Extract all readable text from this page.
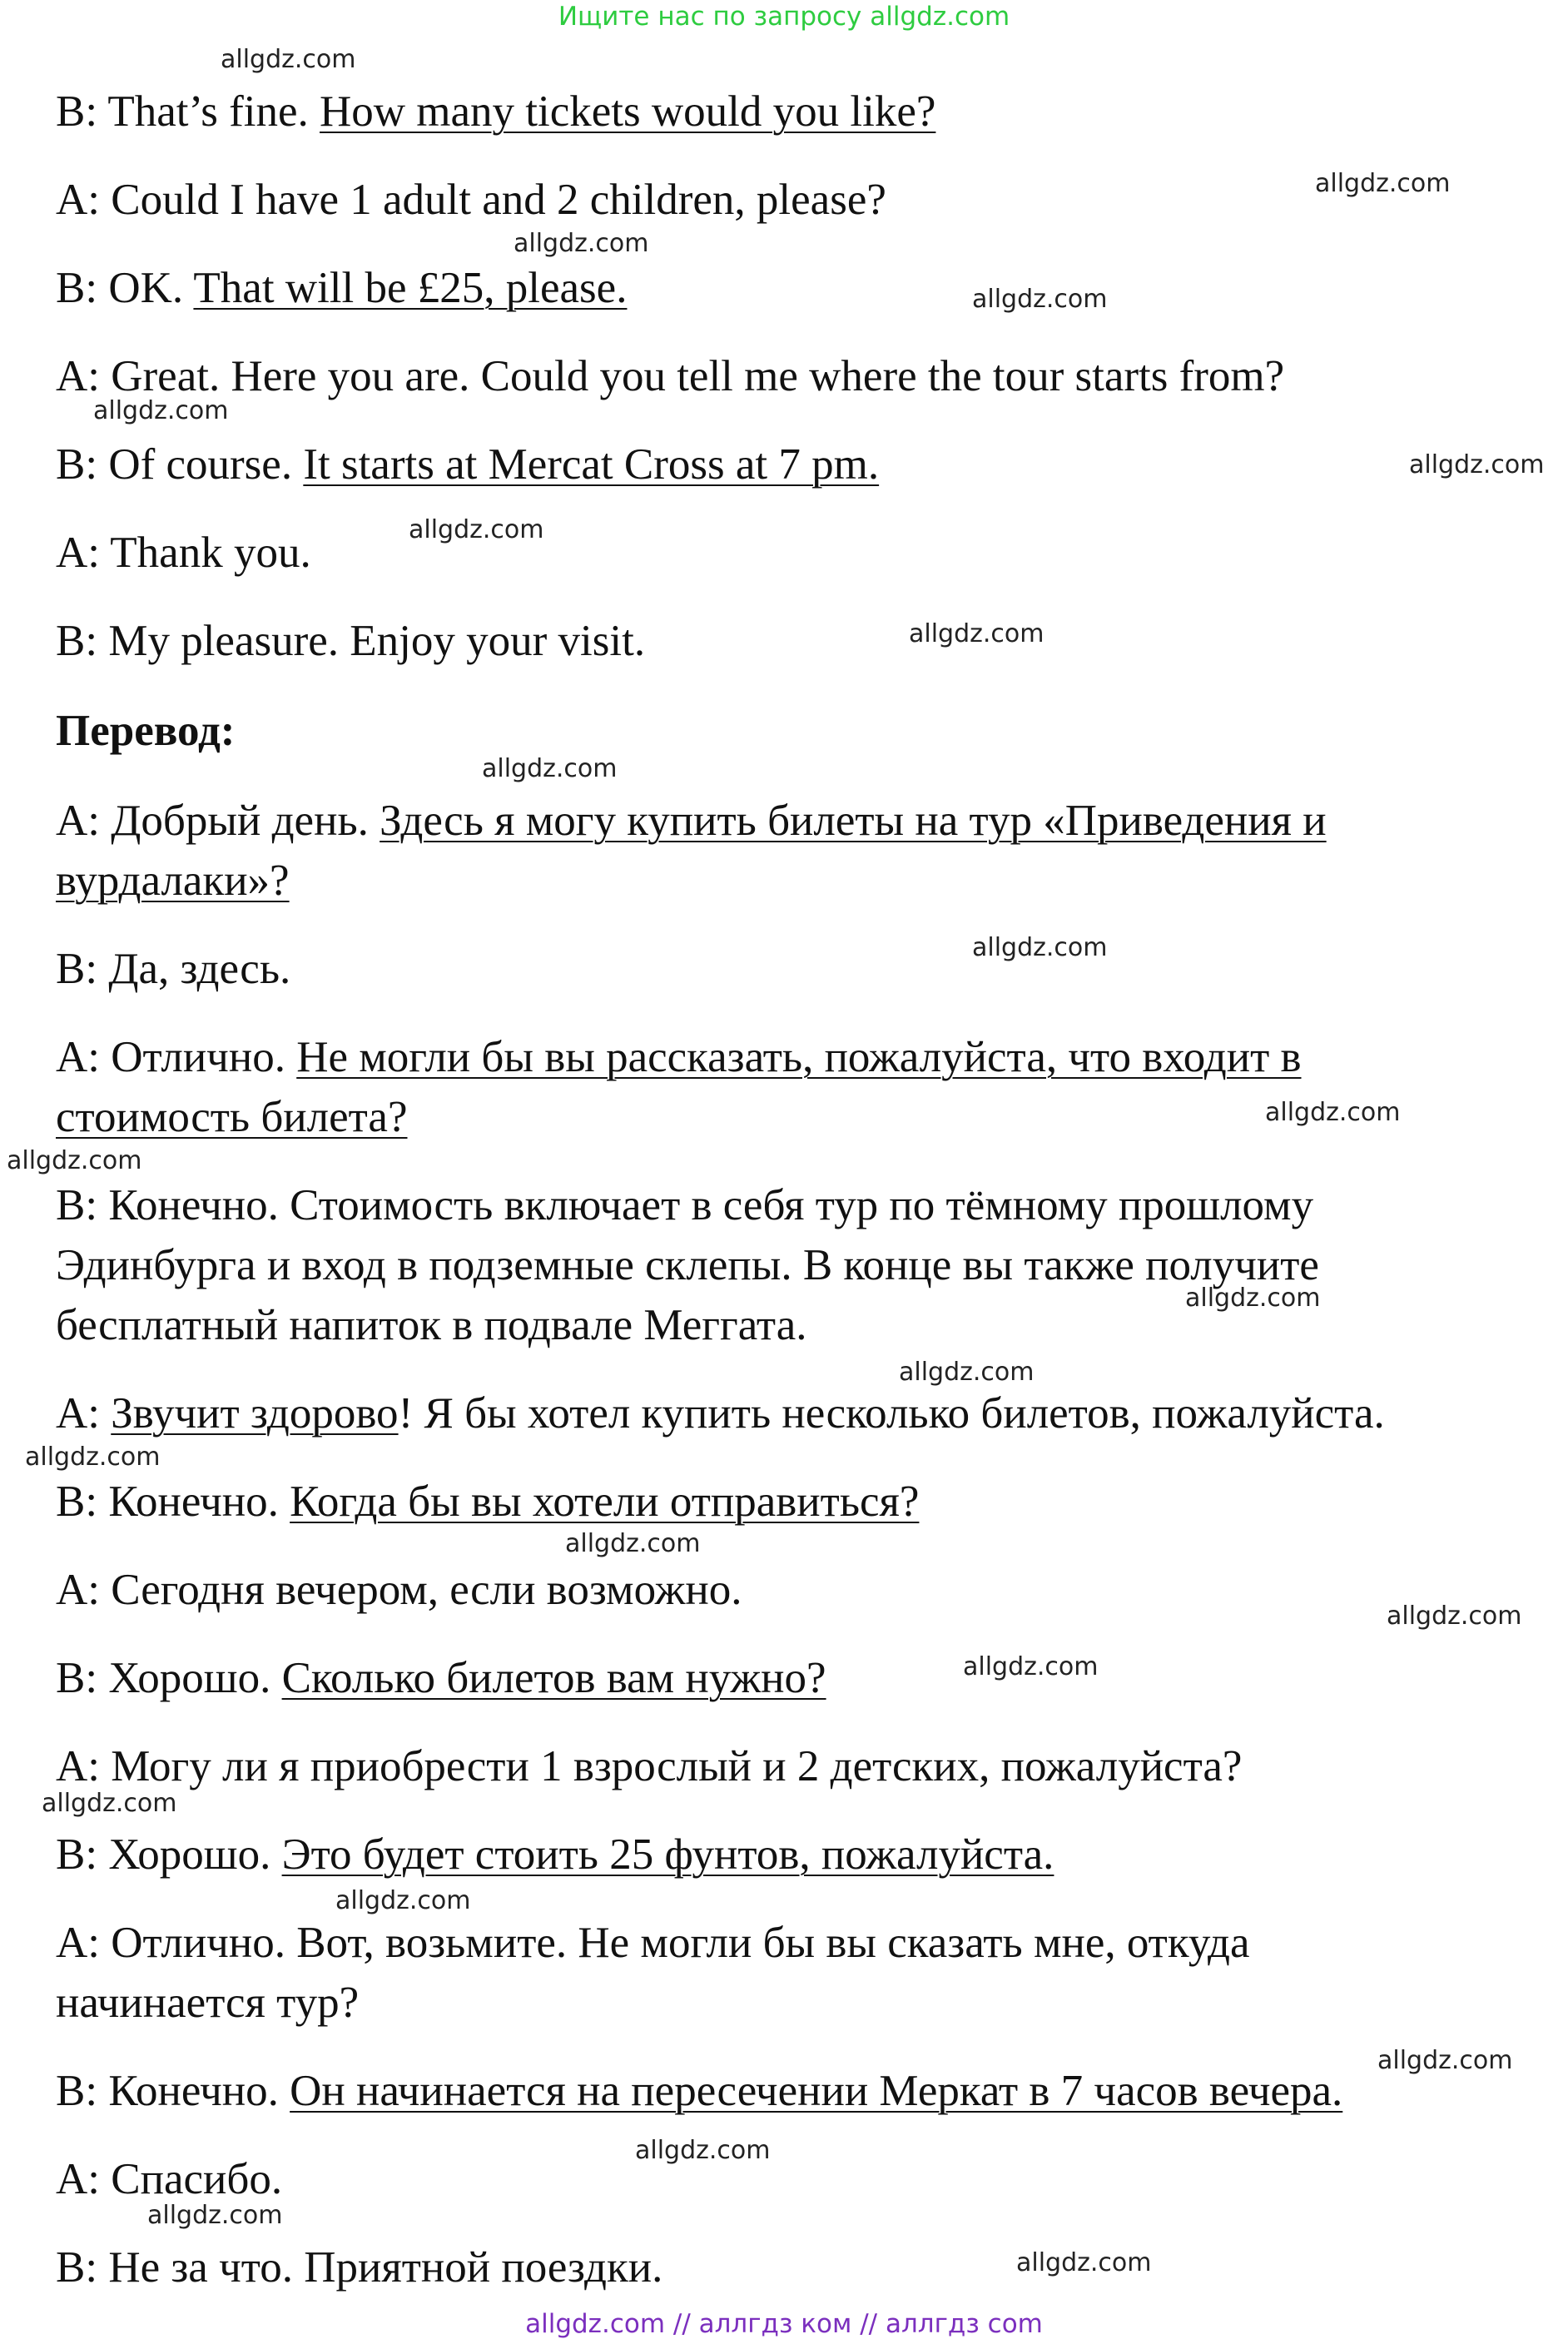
Ищите нас по запросу allgdz.com
B: That’s fine. How many tickets would you like?
A: Could I have 1 adult and 2 children, please?
B: OK. That will be £25, please.
A: Great. Here you are. Could you tell me where the tour starts from?
B: Of course. It starts at Mercat Cross at 7 pm.
A: Thank you.
B: My pleasure. Enjoy your visit.
Перевод:
A: Добрый день. Здесь я могу купить билеты на тур «Приведения и
вурдалаки»?
B: Да, здесь.
A: Отлично. Не могли бы вы рассказать, пожалуйста, что входит в
стоимость билета?
B: Конечно. Стоимость включает в себя тур по тёмному прошлому
Эдинбурга и вход в подземные склепы. В конце вы также получите
бесплатный напиток в подвале Меггата.
A: Звучит здорово! Я бы хотел купить несколько билетов, пожалуйста.
B: Конечно. Когда бы вы хотели отправиться?
A: Сегодня вечером, если возможно.
B: Хорошо. Сколько билетов вам нужно?
A: Могу ли я приобрести 1 взрослый и 2 детских, пожалуйста?
B: Хорошо. Это будет стоить 25 фунтов, пожалуйста.
A: Отлично. Вот, возьмите. Не могли бы вы сказать мне, откуда
начинается тур?
B: Конечно. Он начинается на пересечении Меркат в 7 часов вечера.
A: Спасибо.
B: Не за что. Приятной поездки.
allgdz.com
allgdz.com
allgdz.com
allgdz.com
allgdz.com
allgdz.com
allgdz.com
allgdz.com
allgdz.com
allgdz.com
allgdz.com
allgdz.com
allgdz.com
allgdz.com
allgdz.com
allgdz.com
allgdz.com
allgdz.com
allgdz.com
allgdz.com
allgdz.com
allgdz.com
allgdz.com
allgdz.com
allgdz.com // аллгдз ком // аллгдз com
